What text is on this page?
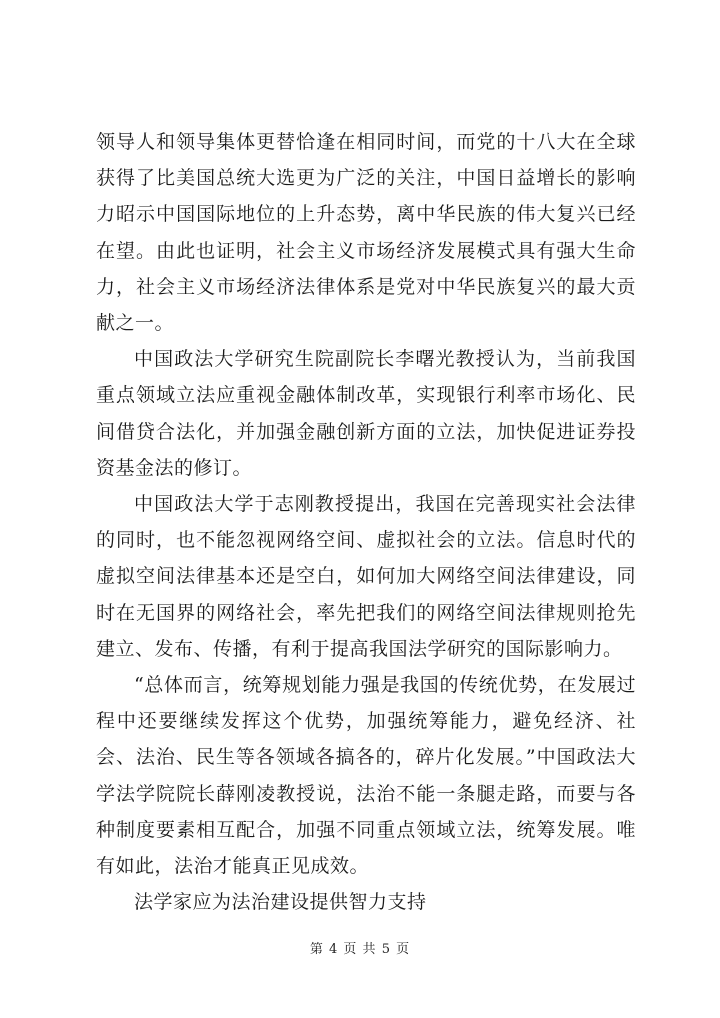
领导人和领导集体更替恰逢在相同时间，而党的十八大在全球获得了比美国总统大选更为广泛的关注，中国日益增长的影响力昭示中国国际地位的上升态势，离中华民族的伟大复兴已经在望。由此也证明，社会主义市场经济发展模式具有强大生命力，社会主义市场经济法律体系是党对中华民族复兴的最大贡献之一。

中国政法大学研究生院副院长李曙光教授认为，当前我国重点领域立法应重视金融体制改革，实现银行利率市场化、民间借贷合法化，并加强金融创新方面的立法，加快促进证券投资基金法的修订。

中国政法大学于志刚教授提出，我国在完善现实社会法律的同时，也不能忽视网络空间、虚拟社会的立法。信息时代的虚拟空间法律基本还是空白，如何加大网络空间法律建设，同时在无国界的网络社会，率先把我们的网络空间法律规则抢先建立、发布、传播，有利于提高我国法学研究的国际影响力。

“总体而言，统筹规划能力强是我国的传统优势，在发展过程中还要继续发挥这个优势，加强统筹能力，避免经济、社会、法治、民生等各领域各搞各的，碎片化发展。”中国政法大学法学院院长薛刚凌教授说，法治不能一条腿走路，而要与各种制度要素相互配合，加强不同重点领域立法，统筹发展。唯有如此，法治才能真正见成效。

法学家应为法治建设提供智力支持

第 4 页 共 5 页
